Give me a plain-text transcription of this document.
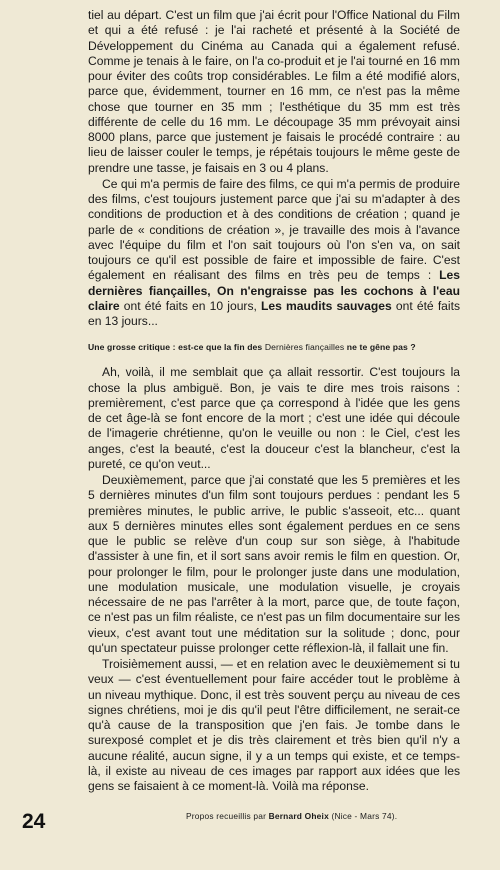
tiel au départ. C'est un film que j'ai écrit pour l'Office National du Film et qui a été refusé : je l'ai racheté et présenté à la Société de Développement du Cinéma au Canada qui a également refusé. Comme je tenais à le faire, on l'a co-produit et je l'ai tourné en 16 mm pour éviter des coûts trop considérables. Le film a été modifié alors, parce que, évidemment, tourner en 16 mm, ce n'est pas la même chose que tourner en 35 mm ; l'esthétique du 35 mm est très différente de celle du 16 mm. Le découpage 35 mm prévoyait ainsi 8000 plans, parce que justement je faisais le procédé contraire : au lieu de laisser couler le temps, je répétais toujours le même geste de prendre une tasse, je faisais en 3 ou 4 plans.

Ce qui m'a permis de faire des films, ce qui m'a permis de produire des films, c'est toujours justement parce que j'ai su m'adapter à des conditions de production et à des conditions de création ; quand je parle de « conditions de création », je travaille des mois à l'avance avec l'équipe du film et l'on sait toujours où l'on s'en va, on sait toujours ce qu'il est possible de faire et impossible de faire. C'est également en réalisant des films en très peu de temps : Les dernières fiançailles, On n'engraisse pas les cochons à l'eau claire ont été faits en 10 jours, Les maudits sauvages ont été faits en 13 jours...

Une grosse critique : est-ce que la fin des Dernières fiançailles ne te gêne pas ?

Ah, voilà, il me semblait que ça allait ressortir. C'est toujours la chose la plus ambiguë. Bon, je vais te dire mes trois raisons : premièrement, c'est parce que ça correspond à l'idée que les gens de cet âge-là se font encore de la mort ; c'est une idée qui découle de l'imagerie chrétienne, qu'on le veuille ou non : le Ciel, c'est les anges, c'est la beauté, c'est la douceur c'est la blancheur, c'est la pureté, ce qu'on veut...

Deuxièmement, parce que j'ai constaté que les 5 premières et les 5 dernières minutes d'un film sont toujours perdues : pendant les 5 premières minutes, le public arrive, le public s'asseoit, etc... quant aux 5 dernières minutes elles sont également perdues en ce sens que le public se relève d'un coup sur son siège, à l'habitude d'assister à une fin, et il sort sans avoir remis le film en question. Or, pour prolonger le film, pour le prolonger juste dans une modulation, une modulation musicale, une modulation visuelle, je croyais nécessaire de ne pas l'arrêter à la mort, parce que, de toute façon, ce n'est pas un film réaliste, ce n'est pas un film documentaire sur les vieux, c'est avant tout une méditation sur la solitude ; donc, pour qu'un spectateur puisse prolonger cette réflexion-là, il fallait une fin.

Troisièmement aussi, — et en relation avec le deuxièmement si tu veux — c'est éventuellement pour faire accéder tout le problème à un niveau mythique. Donc, il est très souvent perçu au niveau de ces signes chrétiens, moi je dis qu'il peut l'être difficilement, ne serait-ce qu'à cause de la transposition que j'en fais. Je tombe dans le surexposé complet et je dis très clairement et très bien qu'il n'y a aucune réalité, aucun signe, il y a un temps qui existe, et ce temps-là, il existe au niveau de ces images par rapport aux idées que les gens se faisaient à ce moment-là. Voilà ma réponse.

Propos recueillis par Bernard Oheix (Nice - Mars 74).

24
